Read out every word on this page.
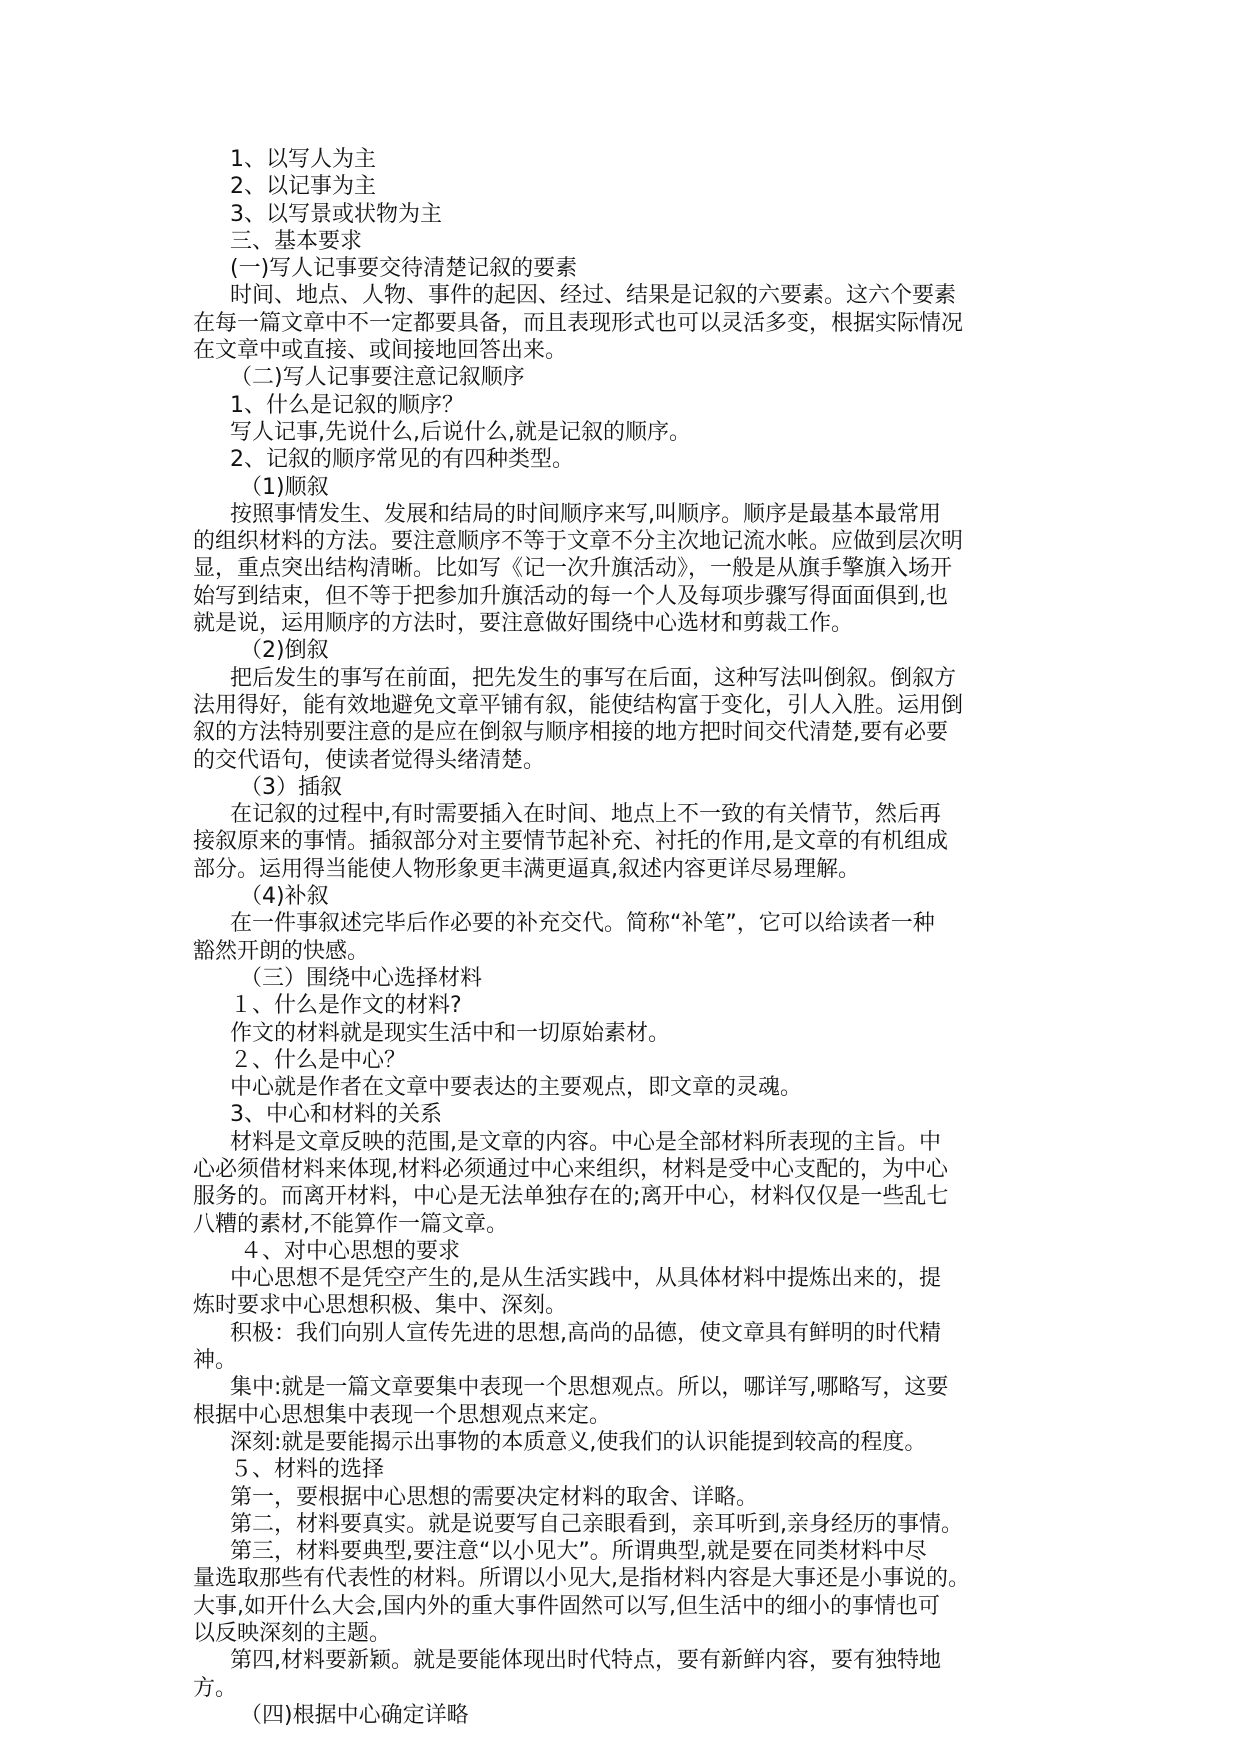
1、以写人为主

2、以记事为主

3、以写景或状物为主

三、基本要求

(一)写人记事要交待清楚记叙的要素

时间、地点、人物、事件的起因、经过、结果是记叙的六要素。这六个要素

在每一篇文章中不一定都要具备，而且表现形式也可以灵活多变，根据实际情况

在文章中或直接、或间接地回答出来。

（二)写人记事要注意记叙顺序

1、什么是记叙的顺序？

写人记事,先说什么,后说什么,就是记叙的顺序。

2、记叙的顺序常见的有四种类型。

（1)顺叙

按照事情发生、发展和结局的时间顺序来写,叫顺序。顺序是最基本最常用

的组织材料的方法。要注意顺序不等于文章不分主次地记流水帐。应做到层次明

显，重点突出结构清晰。比如写《记一次升旗活动》，一般是从旗手擎旗入场开

始写到结束，但不等于把参加升旗活动的每一个人及每项步骤写得面面俱到,也

就是说，运用顺序的方法时，要注意做好围绕中心选材和剪裁工作。

（2)倒叙

把后发生的事写在前面，把先发生的事写在后面，这种写法叫倒叙。倒叙方

法用得好，能有效地避免文章平铺有叙，能使结构富于变化，引人入胜。运用倒

叙的方法特别要注意的是应在倒叙与顺序相接的地方把时间交代清楚,要有必要

的交代语句，使读者觉得头绪清楚。

（3）插叙

在记叙的过程中,有时需要插入在时间、地点上不一致的有关情节，然后再

接叙原来的事情。插叙部分对主要情节起补充、衬托的作用,是文章的有机组成

部分。运用得当能使人物形象更丰满更逼真,叙述内容更详尽易理解。

（4)补叙

在一件事叙述完毕后作必要的补充交代。简称“补笔”，它可以给读者一种

豁然开朗的快感。

（三）围绕中心选择材料

１、什么是作文的材料?

作文的材料就是现实生活中和一切原始素材。

２、什么是中心？

中心就是作者在文章中要表达的主要观点，即文章的灵魂。

3、中心和材料的关系

材料是文章反映的范围,是文章的内容。中心是全部材料所表现的主旨。中

心必须借材料来体现,材料必须通过中心来组织，材料是受中心支配的，为中心

服务的。而离开材料，中心是无法单独存在的;离开中心，材料仅仅是一些乱七

八糟的素材,不能算作一篇文章。

４、对中心思想的要求

中心思想不是凭空产生的,是从生活实践中，从具体材料中提炼出来的，提

炼时要求中心思想积极、集中、深刻。

积极：我们向别人宣传先进的思想,高尚的品德，使文章具有鲜明的时代精

神。

集中:就是一篇文章要集中表现一个思想观点。所以，哪详写,哪略写，这要

根据中心思想集中表现一个思想观点来定。

深刻:就是要能揭示出事物的本质意义,使我们的认识能提到较高的程度。

５、材料的选择

第一，要根据中心思想的需要决定材料的取舍、详略。

第二，材料要真实。就是说要写自己亲眼看到，亲耳听到,亲身经历的事情。

第三，材料要典型,要注意“以小见大”。所谓典型,就是要在同类材料中尽

量选取那些有代表性的材料。所谓以小见大,是指材料内容是大事还是小事说的。

大事,如开什么大会,国内外的重大事件固然可以写,但生活中的细小的事情也可

以反映深刻的主题。

第四,材料要新颖。就是要能体现出时代特点，要有新鲜内容，要有独特地

方。

（四)根据中心确定详略
